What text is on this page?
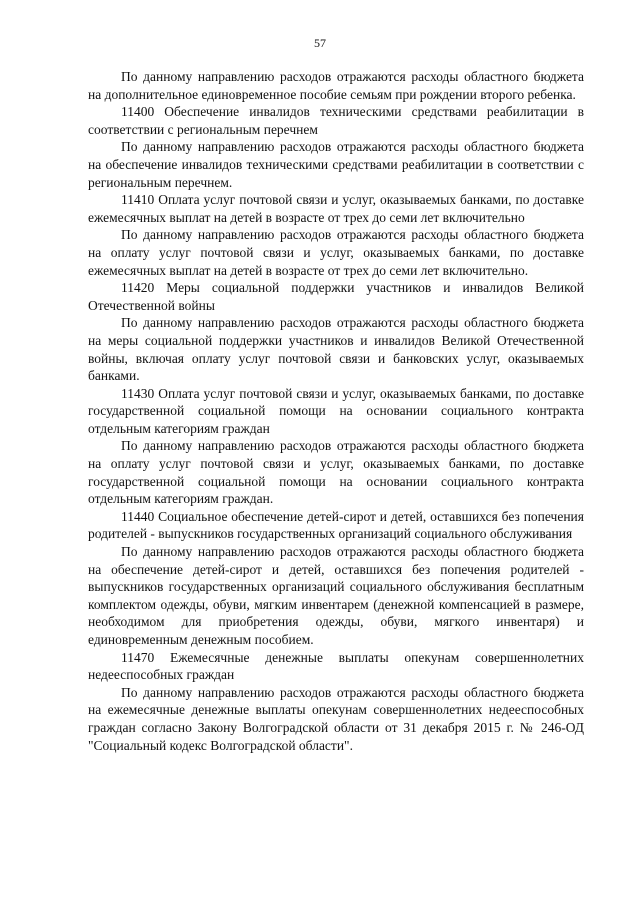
57

По данному направлению расходов отражаются расходы областного бюджета на дополнительное единовременное пособие семьям при рождении второго ребенка.

11400 Обеспечение инвалидов техническими средствами реабилитации в соответствии с региональным перечнем

По данному направлению расходов отражаются расходы областного бюджета на обеспечение инвалидов техническими средствами реабилитации в соответствии с региональным перечнем.

11410 Оплата услуг почтовой связи и услуг, оказываемых банками, по доставке ежемесячных выплат на детей в возрасте от трех до семи лет включительно

По данному направлению расходов отражаются расходы областного бюджета на оплату услуг почтовой связи и услуг, оказываемых банками, по доставке ежемесячных выплат на детей в возрасте от трех до семи лет включительно.

11420 Меры социальной поддержки участников и инвалидов Великой Отечественной войны

По данному направлению расходов отражаются расходы областного бюджета на меры социальной поддержки участников и инвалидов Великой Отечественной войны, включая оплату услуг почтовой связи и банковских услуг, оказываемых банками.

11430 Оплата услуг почтовой связи и услуг, оказываемых банками, по доставке государственной социальной помощи на основании социального контракта отдельным категориям граждан

По данному направлению расходов отражаются расходы областного бюджета на оплату услуг почтовой связи и услуг, оказываемых банками, по доставке государственной социальной помощи на основании социального контракта отдельным категориям граждан.

11440 Социальное обеспечение детей-сирот и детей, оставшихся без попечения родителей - выпускников государственных организаций социального обслуживания

По данному направлению расходов отражаются расходы областного бюджета на обеспечение детей-сирот и детей, оставшихся без попечения родителей - выпускников государственных организаций социального обслуживания бесплатным комплектом одежды, обуви, мягким инвентарем (денежной компенсацией в размере, необходимом для приобретения одежды, обуви, мягкого инвентаря) и единовременным денежным пособием.

11470 Ежемесячные денежные выплаты опекунам совершеннолетних недееспособных граждан

По данному направлению расходов отражаются расходы областного бюджета на ежемесячные денежные выплаты опекунам совершеннолетних недееспособных граждан согласно Закону Волгоградской области от 31 декабря 2015 г. № 246-ОД "Социальный кодекс Волгоградской области".
